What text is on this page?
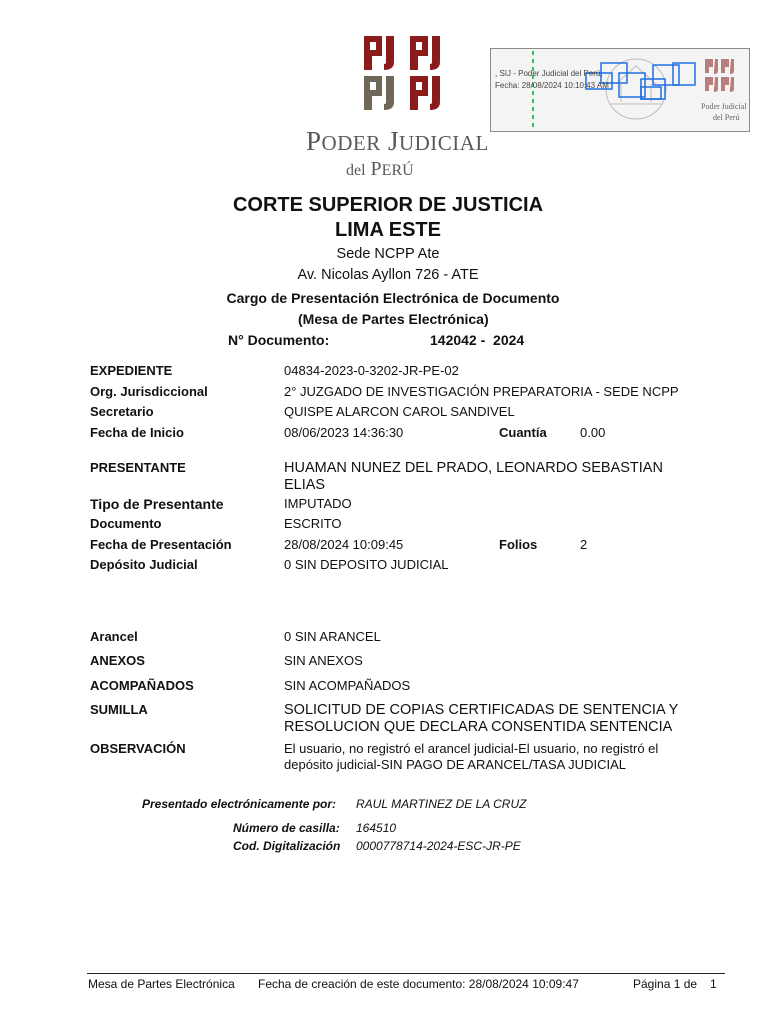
PODER JUDICIAL
del PERÚ
, SIJ - Poder Judicial del Perú,
Fecha: 28/08/2024 10:10:43 AM
Poder Judicial
del Perú
CORTE SUPERIOR DE JUSTICIA
LIMA ESTE
Sede NCPP Ate
Av. Nicolas Ayllon 726 - ATE
Cargo de Presentación Electrónica de Documento
(Mesa de Partes Electrónica)
N° Documento:	142042 -  2024
EXPEDIENTE	04834-2023-0-3202-JR-PE-02
Org. Jurisdiccional	2° JUZGADO DE INVESTIGACIÓN PREPARATORIA - SEDE NCPP
Secretario	QUISPE ALARCON CAROL SANDIVEL
Fecha de Inicio	08/06/2023 14:36:30	Cuantía	0.00
PRESENTANTE	HUAMAN NUNEZ DEL PRADO, LEONARDO SEBASTIAN
ELIAS
Tipo de Presentante	IMPUTADO
Documento	ESCRITO
Fecha de Presentación	28/08/2024 10:09:45	Folios	2
Depósito Judicial	0 SIN DEPOSITO JUDICIAL
Arancel	0 SIN ARANCEL
ANEXOS	SIN ANEXOS
ACOMPAÑADOS	SIN ACOMPAÑADOS
SUMILLA	SOLICITUD DE COPIAS CERTIFICADAS DE SENTENCIA Y
RESOLUCION QUE DECLARA CONSENTIDA SENTENCIA
OBSERVACIÓN	El usuario, no registró el arancel judicial-El usuario, no registró el
depósito judicial-SIN PAGO DE ARANCEL/TASA JUDICIAL
Presentado electrónicamente por: RAUL MARTINEZ DE LA CRUZ
Número de casilla: 164510
Cod. Digitalización 0000778714-2024-ESC-JR-PE
Mesa de Partes Electrónica Fecha de creación de este documento: 28/08/2024 10:09:47	Página 1 de 1
